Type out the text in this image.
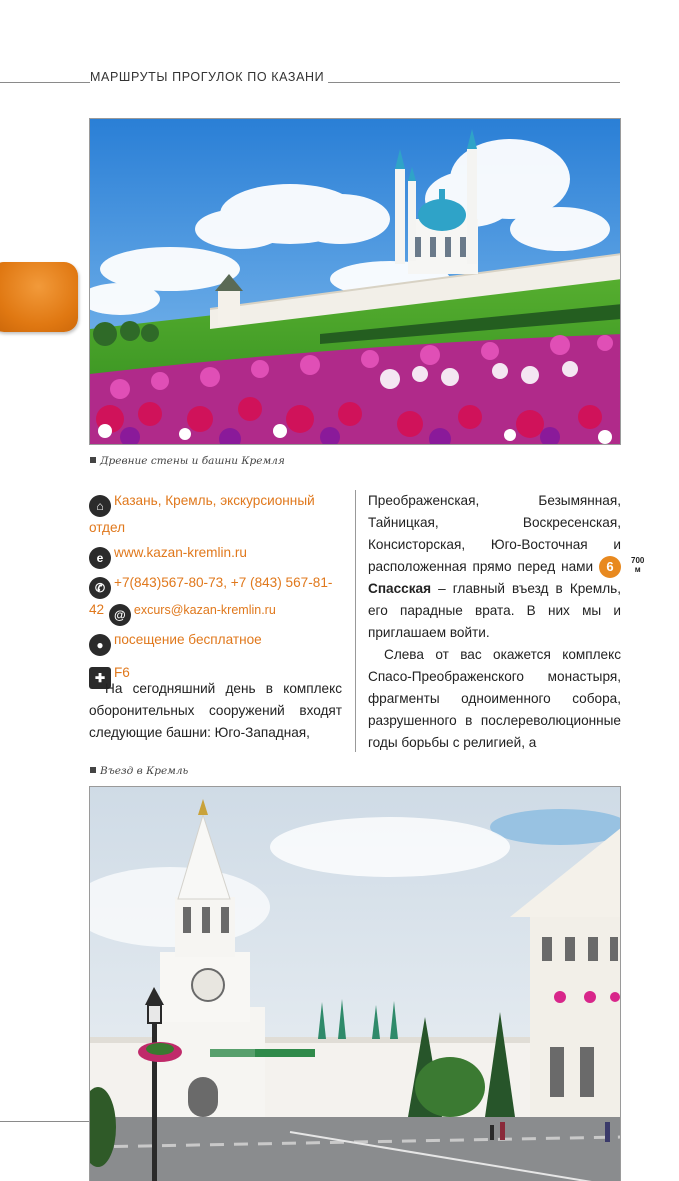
МАРШРУТЫ ПРОГУЛОК ПО КАЗАНИ
Древние стены и башни Кремля
⌂ Казань, Кремль, экскурсионный отдел
e www.kazan-kremlin.ru
✆ +7(843)567-80-73, +7 (843) 567-81-42 @ excurs@kazan-kremlin.ru
● посещение бесплатное
✚ F6
На сегодняшний день в комплекс оборонительных сооружений входят следующие башни: Юго-Западная,

Преображенская, Безымянная, Тайницкая, Воскресенская, Консисторская, Юго-Восточная и расположенная прямо перед нами 6 Спасская – главный въезд в Кремль, его парадные врата. В них мы и приглашаем войти.

Слева от вас окажется комплекс Спасо-Преображенского монастыря, фрагменты одноименного собора, разрушенного в послереволюционные годы борьбы с религией, а

700
м
Въезд в Кремль
